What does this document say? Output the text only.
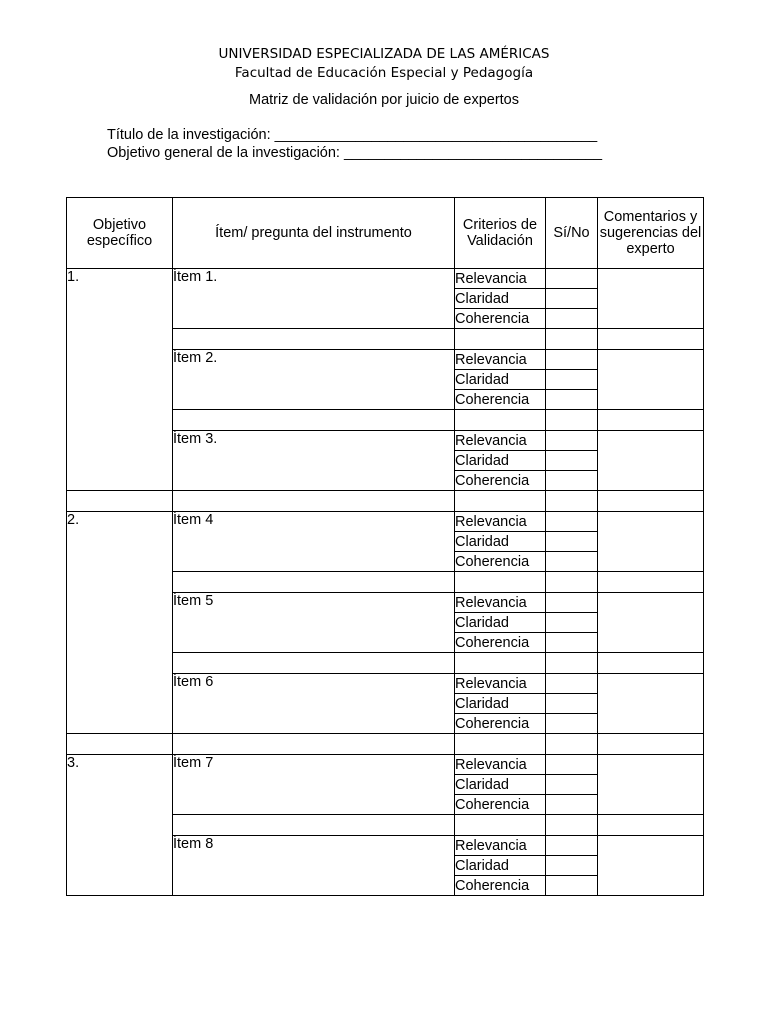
UNIVERSIDAD ESPECIALIZADA DE LAS AMÉRICAS
Facultad de Educación Especial y Pedagogía
Matriz de validación por juicio de expertos
Título de la investigación: ________________________________________
Objetivo general de la investigación: ________________________________
Objetivo específico	Ítem/ pregunta del instrumento	Criterios de Validación	Sí/No	Comentarios y sugerencias del experto
1.	Ítem 1.	Relevancia		
		Claridad		
		Coherencia		

	Ítem 2.	Relevancia		
		Claridad		
		Coherencia		

	Ítem 3.	Relevancia		
		Claridad		
		Coherencia		

2.	Ítem 4	Relevancia		
		Claridad		
		Coherencia		

	Ítem 5	Relevancia		
		Claridad		
		Coherencia		

	Ítem 6	Relevancia		
		Claridad		
		Coherencia		

3.	Ítem 7	Relevancia		
		Claridad		
		Coherencia		

	Ítem 8	Relevancia		
		Claridad		
		Coherencia		
